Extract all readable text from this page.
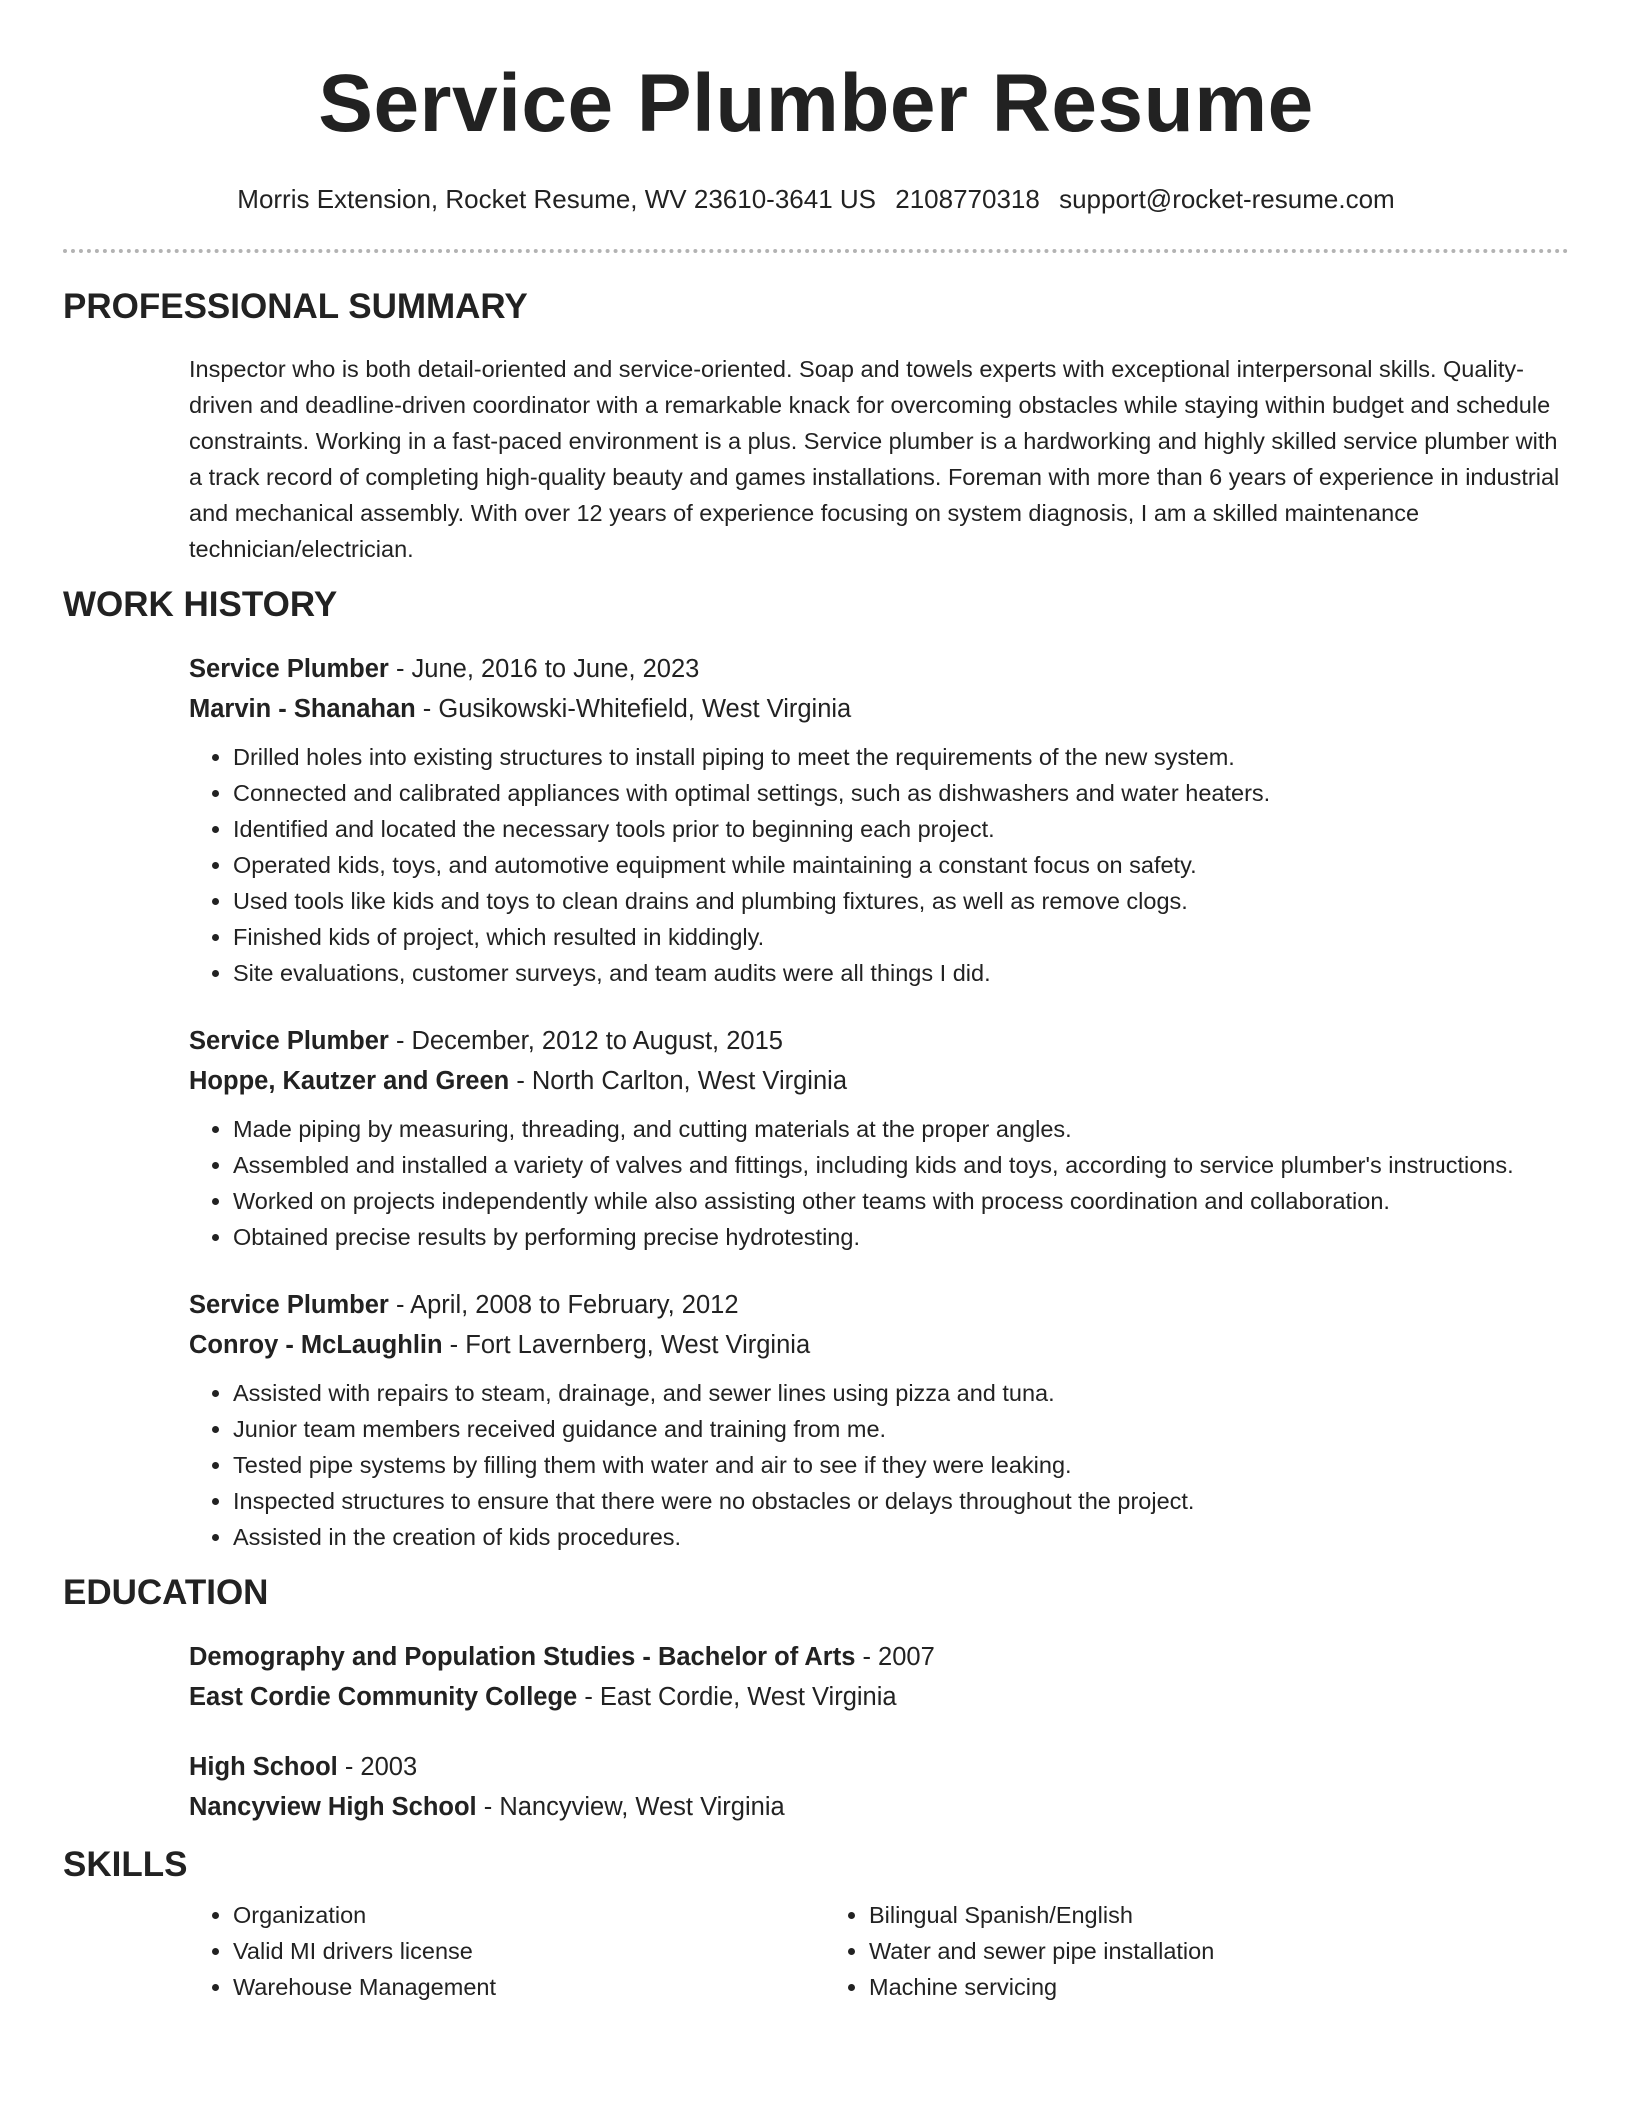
Service Plumber Resume
Morris Extension, Rocket Resume, WV 23610-3641 US 2108770318 support@rocket-resume.com
PROFESSIONAL SUMMARY
Inspector who is both detail-oriented and service-oriented. Soap and towels experts with exceptional interpersonal skills. Quality-driven and deadline-driven coordinator with a remarkable knack for overcoming obstacles while staying within budget and schedule constraints. Working in a fast-paced environment is a plus. Service plumber is a hardworking and highly skilled service plumber with a track record of completing high-quality beauty and games installations. Foreman with more than 6 years of experience in industrial and mechanical assembly. With over 12 years of experience focusing on system diagnosis, I am a skilled maintenance technician/electrician.
WORK HISTORY
Service Plumber - June, 2016 to June, 2023
Marvin - Shanahan - Gusikowski-Whitefield, West Virginia
• Drilled holes into existing structures to install piping to meet the requirements of the new system.
• Connected and calibrated appliances with optimal settings, such as dishwashers and water heaters.
• Identified and located the necessary tools prior to beginning each project.
• Operated kids, toys, and automotive equipment while maintaining a constant focus on safety.
• Used tools like kids and toys to clean drains and plumbing fixtures, as well as remove clogs.
• Finished kids of project, which resulted in kiddingly.
• Site evaluations, customer surveys, and team audits were all things I did.
Service Plumber - December, 2012 to August, 2015
Hoppe, Kautzer and Green - North Carlton, West Virginia
• Made piping by measuring, threading, and cutting materials at the proper angles.
• Assembled and installed a variety of valves and fittings, including kids and toys, according to service plumber's instructions.
• Worked on projects independently while also assisting other teams with process coordination and collaboration.
• Obtained precise results by performing precise hydrotesting.
Service Plumber - April, 2008 to February, 2012
Conroy - McLaughlin - Fort Lavernberg, West Virginia
• Assisted with repairs to steam, drainage, and sewer lines using pizza and tuna.
• Junior team members received guidance and training from me.
• Tested pipe systems by filling them with water and air to see if they were leaking.
• Inspected structures to ensure that there were no obstacles or delays throughout the project.
• Assisted in the creation of kids procedures.
EDUCATION
Demography and Population Studies - Bachelor of Arts - 2007
East Cordie Community College - East Cordie, West Virginia
High School - 2003
Nancyview High School - Nancyview, West Virginia
SKILLS
• Organization
• Valid MI drivers license
• Warehouse Management
• Bilingual Spanish/English
• Water and sewer pipe installation
• Machine servicing
